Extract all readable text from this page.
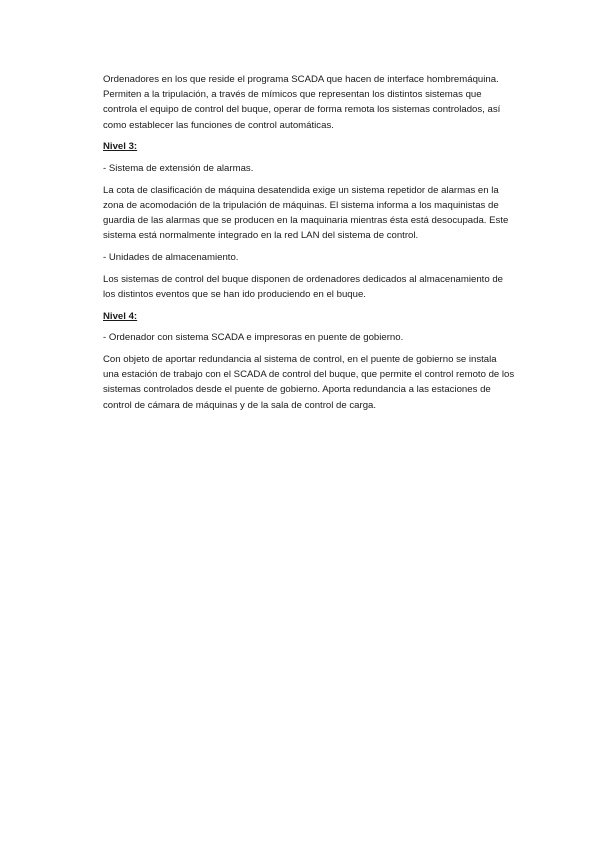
Ordenadores en los que reside el programa SCADA que hacen de interface hombremáquina. Permiten a la tripulación, a través de mímicos que representan los distintos sistemas que controla el equipo de control del buque, operar de forma remota los sistemas controlados, así como establecer las funciones de control automáticas.

Nivel 3:

- Sistema de extensión de alarmas.

La cota de clasificación de máquina desatendida exige un sistema repetidor de alarmas en la zona de acomodación de la tripulación de máquinas. El sistema informa a los maquinistas de guardia de las alarmas que se producen en la maquinaria mientras ésta está desocupada. Este sistema está normalmente integrado en la red LAN del sistema de control.

- Unidades de almacenamiento.

Los sistemas de control del buque disponen de ordenadores dedicados al almacenamiento de los distintos eventos que se han ido produciendo en el buque.

Nivel 4:

- Ordenador con sistema SCADA e impresoras en puente de gobierno.

Con objeto de aportar redundancia al sistema de control, en el puente de gobierno se instala una estación de trabajo con el SCADA de control del buque, que permite el control remoto de los sistemas controlados desde el puente de gobierno. Aporta redundancia a las estaciones de control de cámara de máquinas y de la sala de control de carga.
